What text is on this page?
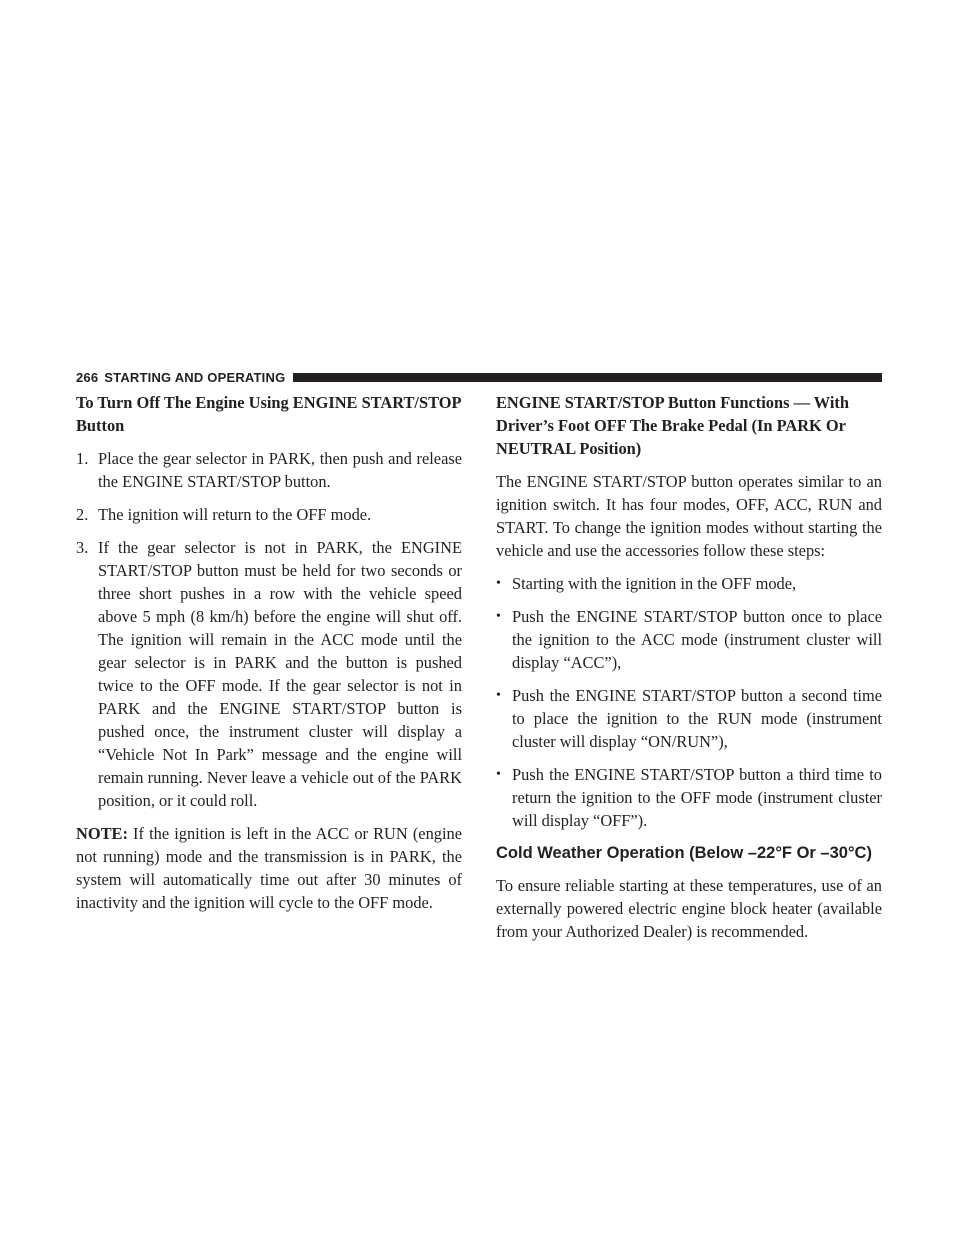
266 STARTING AND OPERATING

To Turn Off The Engine Using ENGINE START/STOP Button

1. Place the gear selector in PARK, then push and release the ENGINE START/STOP button.
2. The ignition will return to the OFF mode.
3. If the gear selector is not in PARK, the ENGINE START/STOP button must be held for two seconds or three short pushes in a row with the vehicle speed above 5 mph (8 km/h) before the engine will shut off. The ignition will remain in the ACC mode until the gear selector is in PARK and the button is pushed twice to the OFF mode. If the gear selector is not in PARK and the ENGINE START/STOP button is pushed once, the instrument cluster will display a “Vehicle Not In Park” message and the engine will remain running. Never leave a vehicle out of the PARK position, or it could roll.

NOTE: If the ignition is left in the ACC or RUN (engine not running) mode and the transmission is in PARK, the system will automatically time out after 30 minutes of inactivity and the ignition will cycle to the OFF mode.

ENGINE START/STOP Button Functions — With Driver’s Foot OFF The Brake Pedal (In PARK Or NEUTRAL Position)

The ENGINE START/STOP button operates similar to an ignition switch. It has four modes, OFF, ACC, RUN and START. To change the ignition modes without starting the vehicle and use the accessories follow these steps:

• Starting with the ignition in the OFF mode,
• Push the ENGINE START/STOP button once to place the ignition to the ACC mode (instrument cluster will display “ACC”),
• Push the ENGINE START/STOP button a second time to place the ignition to the RUN mode (instrument cluster will display “ON/RUN”),
• Push the ENGINE START/STOP button a third time to return the ignition to the OFF mode (instrument cluster will display “OFF”).

Cold Weather Operation (Below –22°F Or –30°C)

To ensure reliable starting at these temperatures, use of an externally powered electric engine block heater (available from your Authorized Dealer) is recommended.
